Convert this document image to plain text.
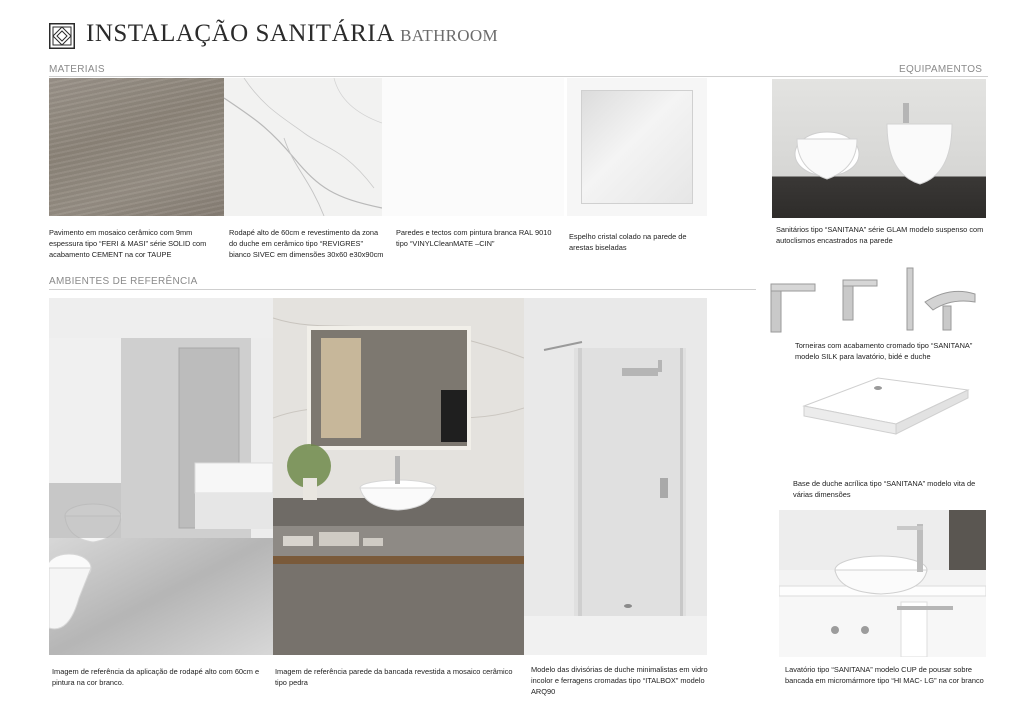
INSTALAÇÃO SANITÁRIA BATHROOM
MATERIAIS	EQUIPAMENTOS
Pavimento em mosaico cerâmico com 9mm espessura tipo “FERI & MASI” série SOLID com acabamento CEMENT na cor TAUPE
Rodapé alto de 60cm e revestimento da zona do duche em cerâmico tipo “REVIGRES” bianco SIVEC em dimensões 30x60 e30x90cm
Paredes e tectos com pintura branca RAL 9010 tipo “VINYLCleanMATE –CIN”
Espelho cristal colado na parede de arestas biseladas
Sanitários tipo “SANITANA” série GLAM modelo suspenso com autoclismos encastrados na parede
Torneiras com acabamento cromado tipo “SANITANA” modelo SILK para lavatório, bidé e duche
Base de duche acrílica tipo “SANITANA” modelo vita de várias dimensões
Lavatório tipo “SANITANA” modelo CUP de pousar sobre bancada em micromármore tipo “HI MAC- LG” na cor branco
AMBIENTES DE REFERÊNCIA
Imagem de referência da aplicação de rodapé alto com 60cm e pintura na cor branco.
Imagem de referência parede da bancada revestida a mosaico cerâmico tipo pedra
Modelo das divisórias de duche minimalistas em vidro incolor e ferragens cromadas tipo “ITALBOX” modelo ARQ90
